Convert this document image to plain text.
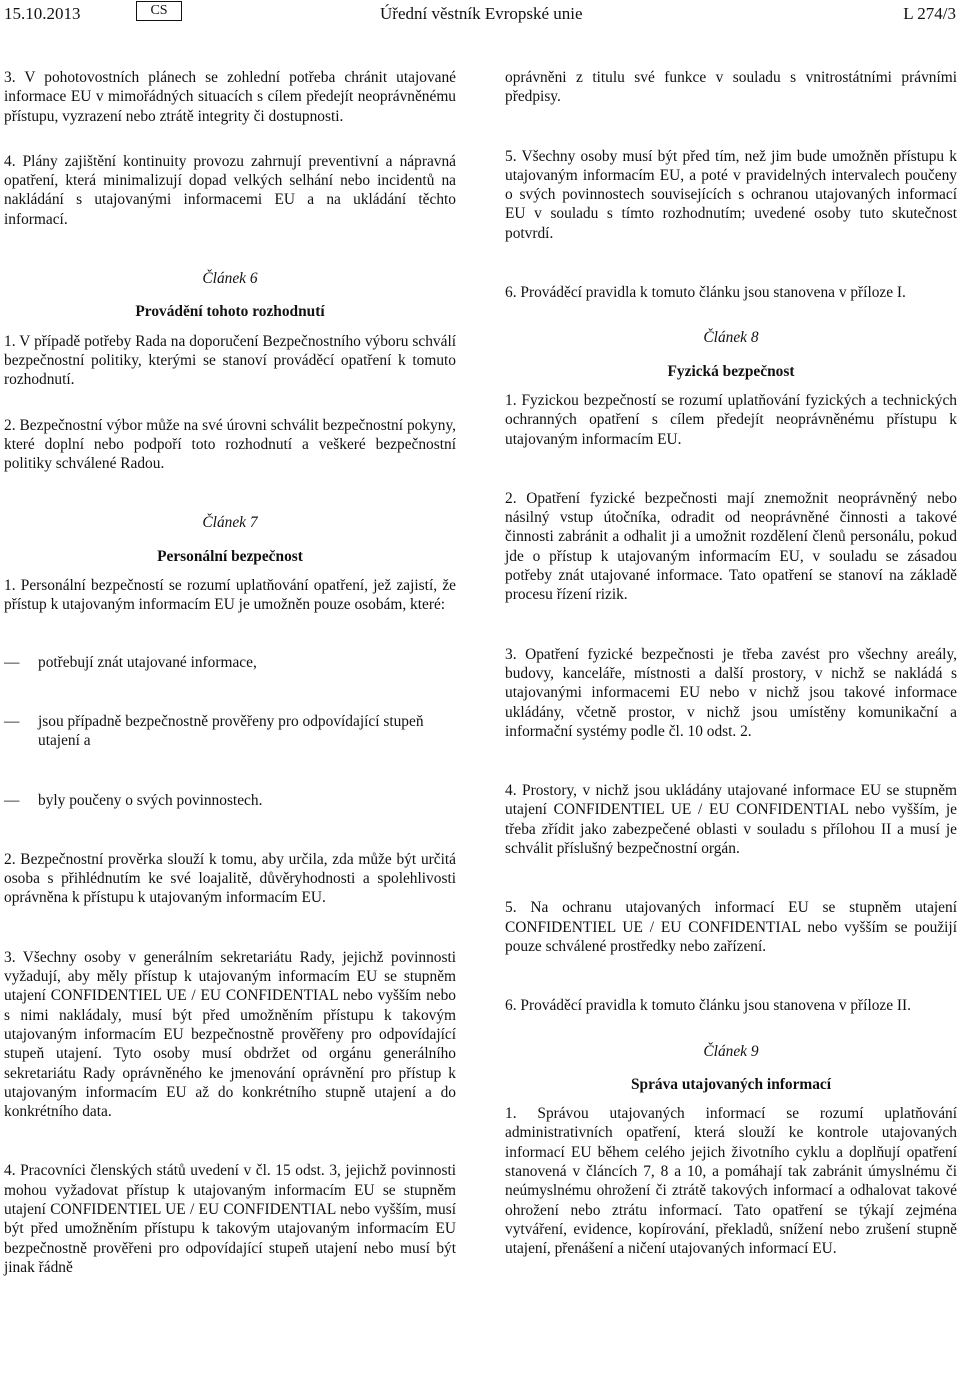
15.10.2013	CS	Úřední věstník Evropské unie	L 274/3

3. V pohotovostních plánech se zohlední potřeba chránit utajované informace EU v mimořádných situacích s cílem předejít neoprávněnému přístupu, vyzrazení nebo ztrátě integrity či dostupnosti.

4. Plány zajištění kontinuity provozu zahrnují preventivní a nápravná opatření, která minimalizují dopad velkých selhání nebo incidentů na nakládání s utajovanými informacemi EU a na ukládání těchto informací.

Článek 6
Provádění tohoto rozhodnutí

1. V případě potřeby Rada na doporučení Bezpečnostního výboru schválí bezpečnostní politiky, kterými se stanoví prováděcí opatření k tomuto rozhodnutí.

2. Bezpečnostní výbor může na své úrovni schválit bezpečnostní pokyny, které doplní nebo podpoří toto rozhodnutí a veškeré bezpečnostní politiky schválené Radou.

Článek 7
Personální bezpečnost

1. Personální bezpečností se rozumí uplatňování opatření, jež zajistí, že přístup k utajovaným informacím EU je umožněn pouze osobám, které:

—	potřebují znát utajované informace,
—	jsou případně bezpečnostně prověřeny pro odpovídající stupeň utajení a
—	byly poučeny o svých povinnostech.

2. Bezpečnostní prověrka slouží k tomu, aby určila, zda může být určitá osoba s přihlédnutím ke své loajalitě, důvěryhodnosti a spolehlivosti oprávněna k přístupu k utajovaným informacím EU.

3. Všechny osoby v generálním sekretariátu Rady, jejichž povinnosti vyžadují, aby měly přístup k utajovaným informacím EU se stupněm utajení CONFIDENTIEL UE / EU CONFIDENTIAL nebo vyšším nebo s nimi nakládaly, musí být před umožněním přístupu k takovým utajovaným informacím EU bezpečnostně prověřeny pro odpovídající stupeň utajení. Tyto osoby musí obdržet od orgánu generálního sekretariátu Rady oprávněného ke jmenování oprávnění pro přístup k utajovaným informacím EU až do konkrétního stupně utajení a do konkrétního data.

4. Pracovníci členských států uvedení v čl. 15 odst. 3, jejichž povinnosti mohou vyžadovat přístup k utajovaným informacím EU se stupněm utajení CONFIDENTIEL UE / EU CONFIDENTIAL nebo vyšším, musí být před umožněním přístupu k takovým utajovaným informacím EU bezpečnostně prověřeni pro odpovídající stupeň utajení nebo musí být jinak řádně

oprávněni z titulu své funkce v souladu s vnitrostátními právními předpisy.

5. Všechny osoby musí být před tím, než jim bude umožněn přístupu k utajovaným informacím EU, a poté v pravidelných intervalech poučeny o svých povinnostech souvisejících s ochranou utajovaných informací EU v souladu s tímto rozhodnutím; uvedené osoby tuto skutečnost potvrdí.

6. Prováděcí pravidla k tomuto článku jsou stanovena v příloze I.

Článek 8
Fyzická bezpečnost

1. Fyzickou bezpečností se rozumí uplatňování fyzických a technických ochranných opatření s cílem předejít neoprávněnému přístupu k utajovaným informacím EU.

2. Opatření fyzické bezpečnosti mají znemožnit neoprávněný nebo násilný vstup útočníka, odradit od neoprávněné činnosti a takové činnosti zabránit a odhalit ji a umožnit rozdělení členů personálu, pokud jde o přístup k utajovaným informacím EU, v souladu se zásadou potřeby znát utajované informace. Tato opatření se stanoví na základě procesu řízení rizik.

3. Opatření fyzické bezpečnosti je třeba zavést pro všechny areály, budovy, kanceláře, místnosti a další prostory, v nichž se nakládá s utajovanými informacemi EU nebo v nichž jsou takové informace ukládány, včetně prostor, v nichž jsou umístěny komunikační a informační systémy podle čl. 10 odst. 2.

4. Prostory, v nichž jsou ukládány utajované informace EU se stupněm utajení CONFIDENTIEL UE / EU CONFIDENTIAL nebo vyšším, je třeba zřídit jako zabezpečené oblasti v souladu s přílohou II a musí je schválit příslušný bezpečnostní orgán.

5. Na ochranu utajovaných informací EU se stupněm utajení CONFIDENTIEL UE / EU CONFIDENTIAL nebo vyšším se použijí pouze schválené prostředky nebo zařízení.

6. Prováděcí pravidla k tomuto článku jsou stanovena v příloze II.

Článek 9
Správa utajovaných informací

1. Správou utajovaných informací se rozumí uplatňování administrativních opatření, která slouží ke kontrole utajovaných informací EU během celého jejich životního cyklu a doplňují opatření stanovená v článcích 7, 8 a 10, a pomáhají tak zabránit úmyslnému či neúmyslnému ohrožení či ztrátě takových informací a odhalovat takové ohrožení nebo ztrátu informací. Tato opatření se týkají zejména vytváření, evidence, kopírování, překladů, snížení nebo zrušení stupně utajení, přenášení a ničení utajovaných informací EU.
